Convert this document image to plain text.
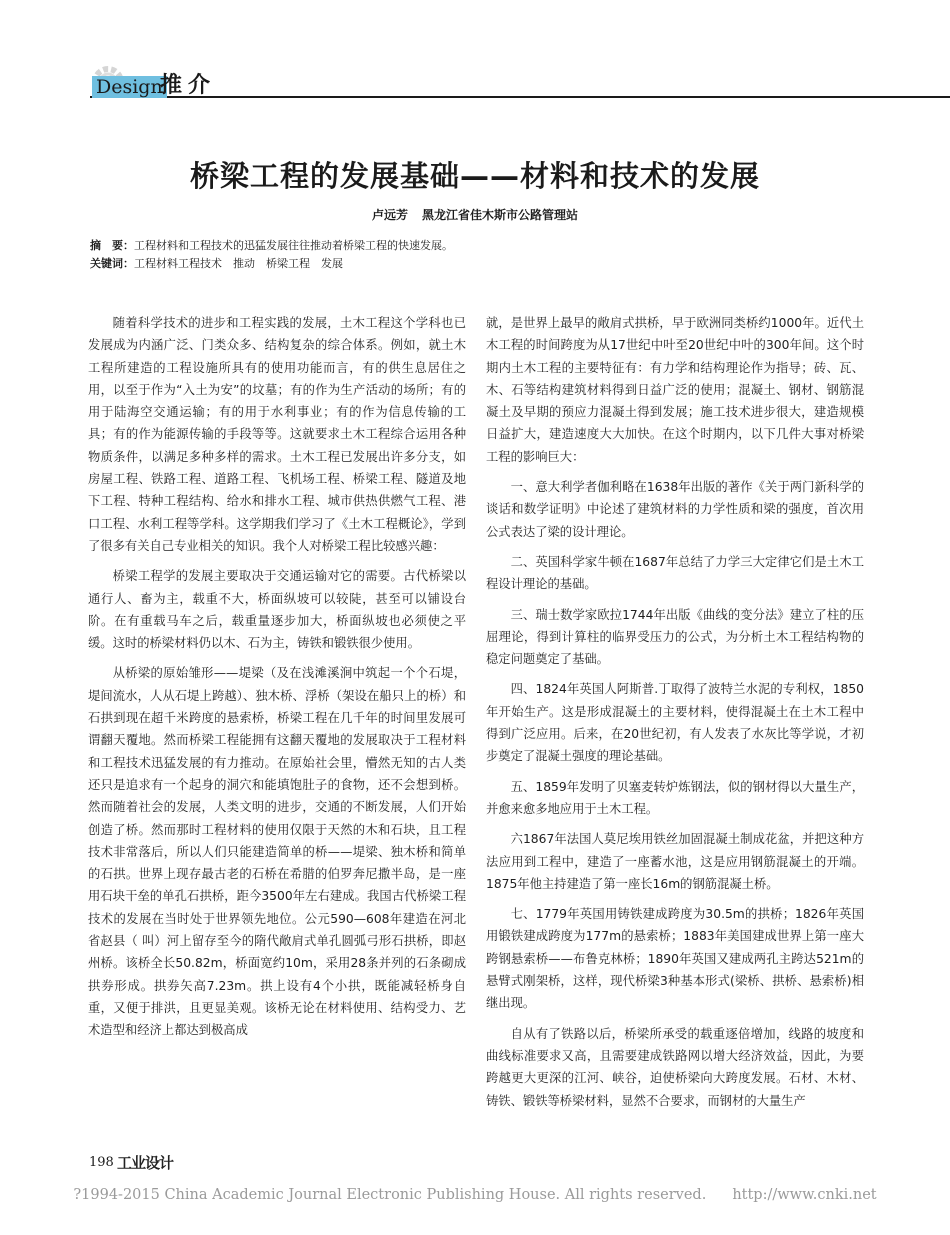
Design
推介
桥梁工程的发展基础——材料和技术的发展
卢远芳 黑龙江省佳木斯市公路管理站
摘　要：工程材料和工程技术的迅猛发展往往推动着桥梁工程的快速发展。
关键词：工程材料工程技术　推动　桥梁工程　发展

随着科学技术的进步和工程实践的发展，土木工程这个学科也已发展成为内涵广泛、门类众多、结构复杂的综合体系。例如，就土木工程所建造的工程设施所具有的使用功能而言，有的供生息居住之用，以至于作为“入土为安”的坟墓；有的作为生产活动的场所；有的用于陆海空交通运输；有的用于水利事业；有的作为信息传输的工具；有的作为能源传输的手段等等。这就要求土木工程综合运用各种物质条件，以满足多种多样的需求。土木工程已发展出许多分支，如房屋工程、铁路工程、道路工程、飞机场工程、桥梁工程、隧道及地下工程、特种工程结构、给水和排水工程、城市供热供燃气工程、港口工程、水利工程等学科。这学期我们学习了《土木工程概论》，学到了很多有关自己专业相关的知识。我个人对桥梁工程比较感兴趣：

桥梁工程学的发展主要取决于交通运输对它的需要。古代桥梁以通行人、畜为主，载重不大，桥面纵坡可以较陡，甚至可以铺设台阶。在有重载马车之后，载重量逐步加大，桥面纵坡也必须使之平缓。这时的桥梁材料仍以木、石为主，铸铁和锻铁很少使用。

从桥梁的原始雏形——堤梁（及在浅滩溪涧中筑起一个个石堤，堤间流水，人从石堤上跨越）、独木桥、浮桥（架设在船只上的桥）和石拱到现在超千米跨度的悬索桥，桥梁工程在几千年的时间里发展可谓翻天覆地。然而桥梁工程能拥有这翻天覆地的发展取决于工程材料和工程技术迅猛发展的有力推动。在原始社会里，懵然无知的古人类还只是追求有一个起身的洞穴和能填饱肚子的食物，还不会想到桥。然而随着社会的发展，人类文明的进步，交通的不断发展，人们开始创造了桥。然而那时工程材料的使用仅限于天然的木和石块，且工程技术非常落后，所以人们只能建造简单的桥——堤梁、独木桥和简单的石拱。世界上现存最古老的石桥在希腊的伯罗奔尼撒半岛，是一座用石块干垒的单孔石拱桥，距今3500年左右建成。我国古代桥梁工程技术的发展在当时处于世界领先地位。公元590—608年建造在河北省赵县（ 叫）河上留存至今的隋代敞肩式单孔圆弧弓形石拱桥，即赵州桥。该桥全长50.82m，桥面宽约10m，采用28条并列的石条砌成拱券形成。拱券矢高7.23m。拱上设有4个小拱，既能减轻桥身自重，又便于排洪，且更显美观。该桥无论在材料使用、结构受力、艺术造型和经济上都达到极高成

就，是世界上最早的敞肩式拱桥，早于欧洲同类桥约1000年。近代土木工程的时间跨度为从17世纪中叶至20世纪中叶的300年间。这个时期内土木工程的主要特征有：有力学和结构理论作为指导；砖、瓦、木、石等结构建筑材料得到日益广泛的使用；混凝土、钢材、钢筋混凝土及早期的预应力混凝土得到发展；施工技术进步很大，建造规模日益扩大，建造速度大大加快。在这个时期内，以下几件大事对桥梁工程的影响巨大：

一、意大利学者伽利略在1638年出版的著作《关于两门新科学的谈话和数学证明》中论述了建筑材料的力学性质和梁的强度，首次用公式表达了梁的设计理论。

二、英国科学家牛顿在1687年总结了力学三大定律它们是土木工程设计理论的基础。

三、瑞士数学家欧拉1744年出版《曲线的变分法》建立了柱的压屈理论，得到计算柱的临界受压力的公式，为分析土木工程结构物的稳定问题奠定了基础。

四、1824年英国人阿斯普.丁取得了波特兰水泥的专利权，1850年开始生产。这是形成混凝土的主要材料，使得混凝土在土木工程中得到广泛应用。后来，在20世纪初，有人发表了水灰比等学说，才初步奠定了混凝土强度的理论基础。

五、1859年发明了贝塞麦转炉炼钢法，似的钢材得以大量生产，并愈来愈多地应用于土木工程。

六1867年法国人莫尼埃用铁丝加固混凝土制成花盆，并把这种方法应用到工程中，建造了一座蓄水池，这是应用钢筋混凝土的开端。1875年他主持建造了第一座长16m的钢筋混凝土桥。

七、1779年英国用铸铁建成跨度为30.5m的拱桥；1826年英国用锻铁建成跨度为177m的悬索桥；1883年美国建成世界上第一座大跨钢悬索桥——布鲁克林桥；1890年英国又建成两孔主跨达521m的悬臂式刚架桥，这样，现代桥梁3种基本形式(梁桥、拱桥、悬索桥)相继出现。

自从有了铁路以后，桥梁所承受的载重逐倍增加，线路的坡度和曲线标准要求又高，且需要建成铁路网以增大经济效益，因此，为要跨越更大更深的江河、峡谷，迫使桥梁向大跨度发展。石材、木材、铸铁、锻铁等桥梁材料，显然不合要求，而钢材的大量生产

198 工业设计
?1994-2015 China Academic Journal Electronic Publishing House. All rights reserved. http://www.cnki.net
